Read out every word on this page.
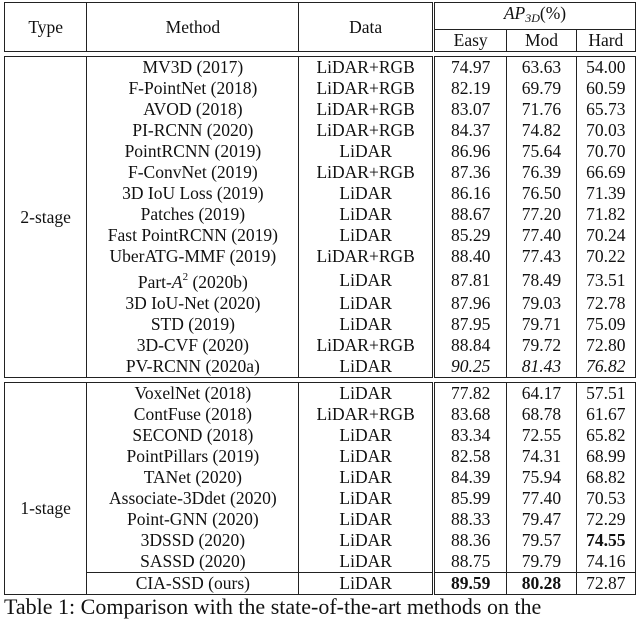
Type	Method	Data	$AP_{3D}(\%)$		
			Easy	Mod	Hard

2-stage	MV3D (2017)	LiDAR+RGB	74.97	63.63	54.00
	F-PointNet (2018)	LiDAR+RGB	82.19	69.79	60.59
	AVOD (2018)	LiDAR+RGB	83.07	71.76	65.73
	PI-RCNN (2020)	LiDAR+RGB	84.37	74.82	70.03
	PointRCNN (2019)	LiDAR	86.96	75.64	70.70
	F-ConvNet (2019)	LiDAR+RGB	87.36	76.39	66.69
	3D IoU Loss (2019)	LiDAR	86.16	76.50	71.39
	Patches (2019)	LiDAR	88.67	77.20	71.82
	Fast PointRCNN (2019)	LiDAR	85.29	77.40	70.24
	UberATG-MMF (2019)	LiDAR+RGB	88.40	77.43	70.22
	Part-$A^2$ (2020b)	LiDAR	87.81	78.49	73.51
	3D IoU-Net (2020)	LiDAR	87.96	79.03	72.78
	STD (2019)	LiDAR	87.95	79.71	75.09
	3D-CVF (2020)	LiDAR+RGB	88.84	79.72	72.80
	PV-RCNN (2020a)	LiDAR	90.25	81.43	76.82

1-stage	VoxelNet (2018)	LiDAR	77.82	64.17	57.51
	ContFuse (2018)	LiDAR+RGB	83.68	68.78	61.67
	SECOND (2018)	LiDAR	83.34	72.55	65.82
	PointPillars (2019)	LiDAR	82.58	74.31	68.99
	TANet (2020)	LiDAR	84.39	75.94	68.82
	Associate-3Ddet (2020)	LiDAR	85.99	77.40	70.53
	Point-GNN (2020)	LiDAR	88.33	79.47	72.29
	3DSSD (2020)	LiDAR	88.36	79.57	74.55
	SASSD (2020)	LiDAR	88.75	79.79	74.16
	CIA-SSD (ours)	LiDAR	89.59	80.28	72.87
Table 1: Comparison with the state-of-the-art methods on the
